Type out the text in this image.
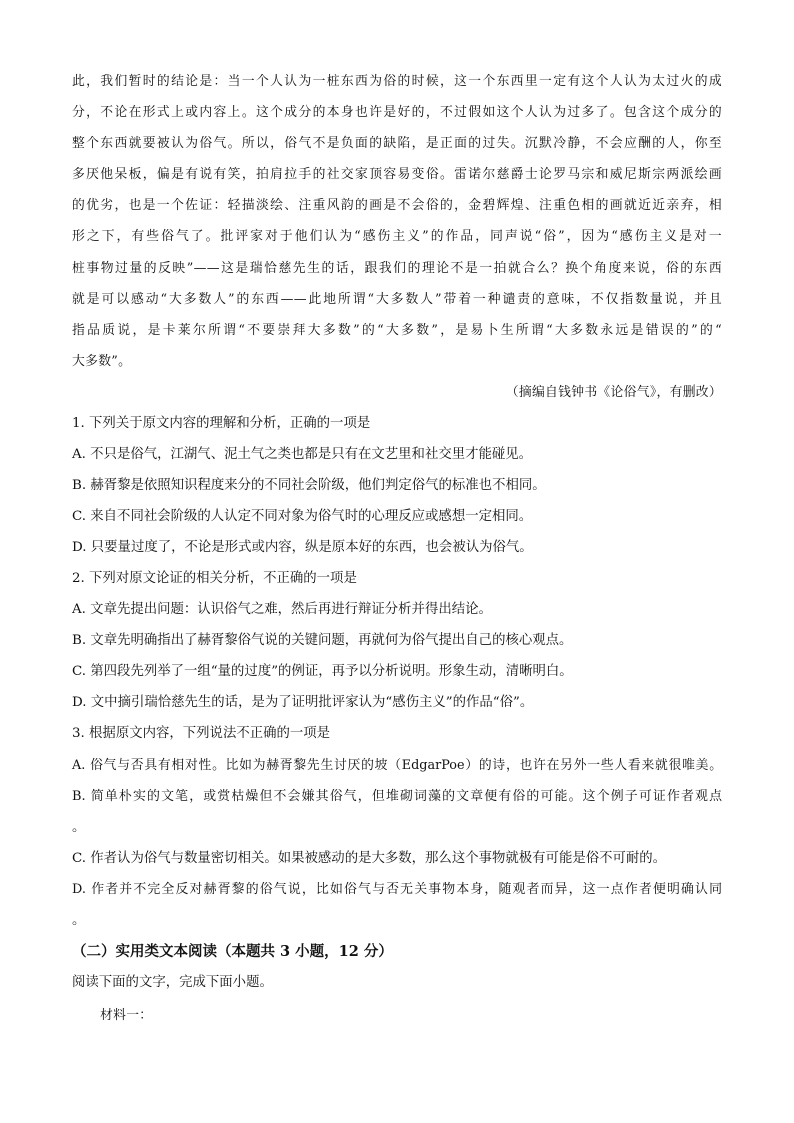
此，我们暂时的结论是：当一个人认为一桩东西为俗的时候，这一个东西里一定有这个人认为太过火的成
分，不论在形式上或内容上。这个成分的本身也许是好的，不过假如这个人认为过多了。包含这个成分的
整个东西就要被认为俗气。所以，俗气不是负面的缺陷，是正面的过失。沉默冷静，不会应酬的人，你至
多厌他呆板，偏是有说有笑，拍肩拉手的社交家顶容易变俗。雷诺尔慈爵士论罗马宗和威尼斯宗两派绘画
的优劣，也是一个佐证：轻描淡绘、注重风韵的画是不会俗的，金碧辉煌、注重色相的画就近近亲弃，相
形之下，有些俗气了。批评家对于他们认为“感伤主义”的作品，同声说“俗”，因为“感伤主义是对一
桩事物过量的反映”——这是瑞恰慈先生的话，跟我们的理论不是一拍就合么？换个角度来说，俗的东西
就是可以感动“大多数人”的东西——此地所谓“大多数人”带着一种谴责的意味，不仅指数量说，并且
指品质说，是卡莱尔所谓“不要崇拜大多数”的“大多数”，是易卜生所谓“大多数永远是错误的”的“
大多数”。
（摘编自钱钟书《论俗气》，有删改）
1. 下列关于原文内容的理解和分析，正确的一项是
A. 不只是俗气，江湖气、泥土气之类也都是只有在文艺里和社交里才能碰见。
B. 赫胥黎是依照知识程度来分的不同社会阶级，他们判定俗气的标准也不相同。
C. 来自不同社会阶级的人认定不同对象为俗气时的心理反应或感想一定相同。
D. 只要量过度了，不论是形式或内容，纵是原本好的东西，也会被认为俗气。
2. 下列对原文论证的相关分析，不正确的一项是
A. 文章先提出问题：认识俗气之难，然后再进行辩证分析并得出结论。
B. 文章先明确指出了赫胥黎俗气说的关键问题，再就何为俗气提出自己的核心观点。
C. 第四段先列举了一组“量的过度”的例证，再予以分析说明。形象生动，清晰明白。
D. 文中摘引瑞恰慈先生的话，是为了证明批评家认为“感伤主义”的作品“俗”。
3. 根据原文内容，下列说法不正确的一项是
A. 俗气与否具有相对性。比如为赫胥黎先生讨厌的坡（EdgarPoe）的诗，也许在另外一些人看来就很唯美。
B. 简单朴实的文笔，或赏枯燥但不会嫌其俗气，但堆砌词藻的文章便有俗的可能。这个例子可证作者观点
。
C. 作者认为俗气与数量密切相关。如果被感动的是大多数，那么这个事物就极有可能是俗不可耐的。
D. 作者并不完全反对赫胥黎的俗气说，比如俗气与否无关事物本身，随观者而异，这一点作者便明确认同
。
（二）实用类文本阅读（本题共 3 小题，12 分）
阅读下面的文字，完成下面小题。
材料一：
